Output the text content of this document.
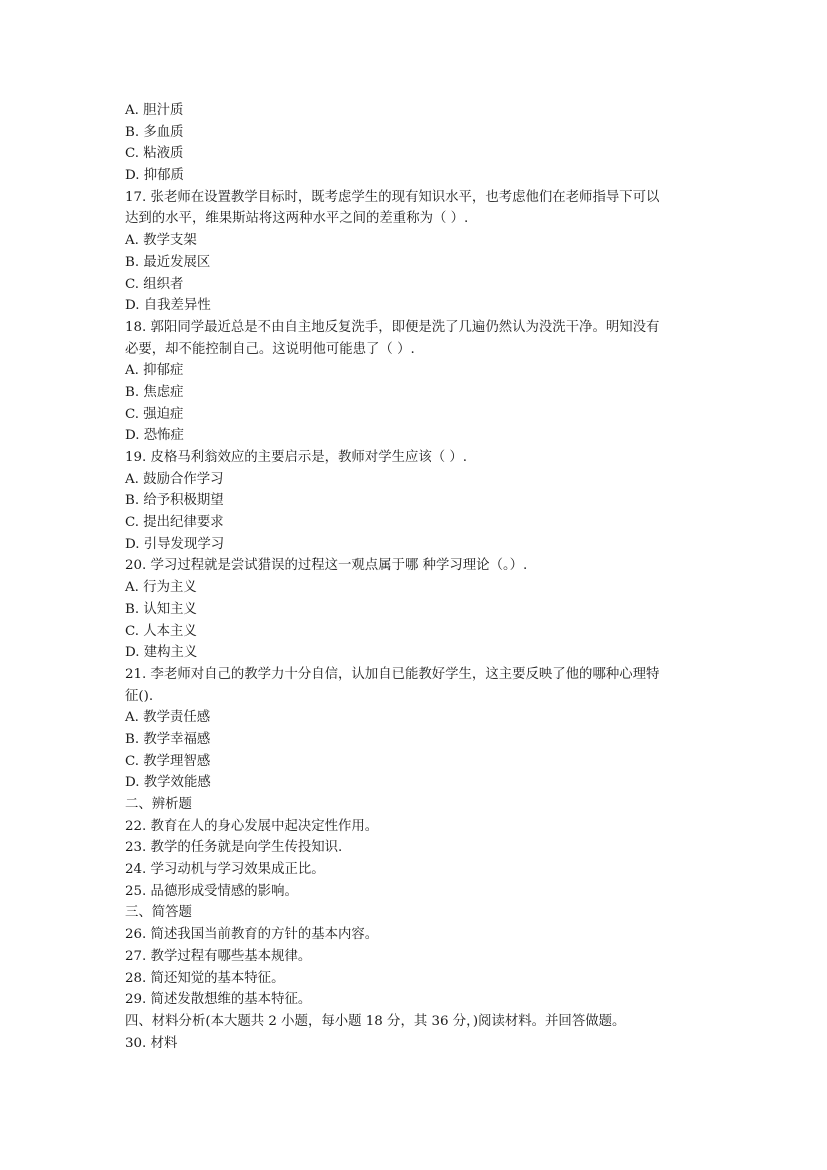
A. 胆汁质
B. 多血质
C. 粘液质
D. 抑郁质
17. 张老师在设置教学目标时，既考虑学生的现有知识水平，也考虑他们在老师指导下可以
达到的水平，维果斯站将这两种水平之间的差重称为（ ）.
A. 教学支架
B. 最近发展区
C. 组织者
D. 自我差异性
18. 郭阳同学最近总是不由自主地反复洗手，即便是洗了几遍仍然认为没洗干净。明知没有
必要，却不能控制自己。这说明他可能患了（ ）.
A. 抑郁症
B. 焦虑症
C. 强迫症
D. 恐怖症
19. 皮格马利翁效应的主要启示是，教师对学生应该（ ）.
A. 鼓励合作学习
B. 给予积极期望
C. 提出纪律要求
D. 引导发现学习
20. 学习过程就是尝试猎误的过程这一观点属于哪 种学习理论（。）.
A. 行为主义
B. 认知主义
C. 人本主义
D. 建构主义
21. 李老师对自己的教学力十分自信，认加自已能教好学生，这主要反映了他的哪种心理特
征().
A. 教学责任感
B. 教学幸福感
C. 教学理智感
D. 教学效能感
二、辨析题
22. 教育在人的身心发展中起决定性作用。
23. 教学的任务就是向学生传投知识.
24. 学习动机与学习效果成正比。
25. 品德形成受情感的影响。
三、简答题
26. 简述我国当前教育的方针的基本内容。
27. 教学过程有哪些基本规律。
28. 简还知觉的基本特征。
29. 简述发散想维的基本特征。
四、材料分析(本大题共 2 小题，每小题 18 分，其 36 分，)阅读材料。并回答做题。
30. 材料
